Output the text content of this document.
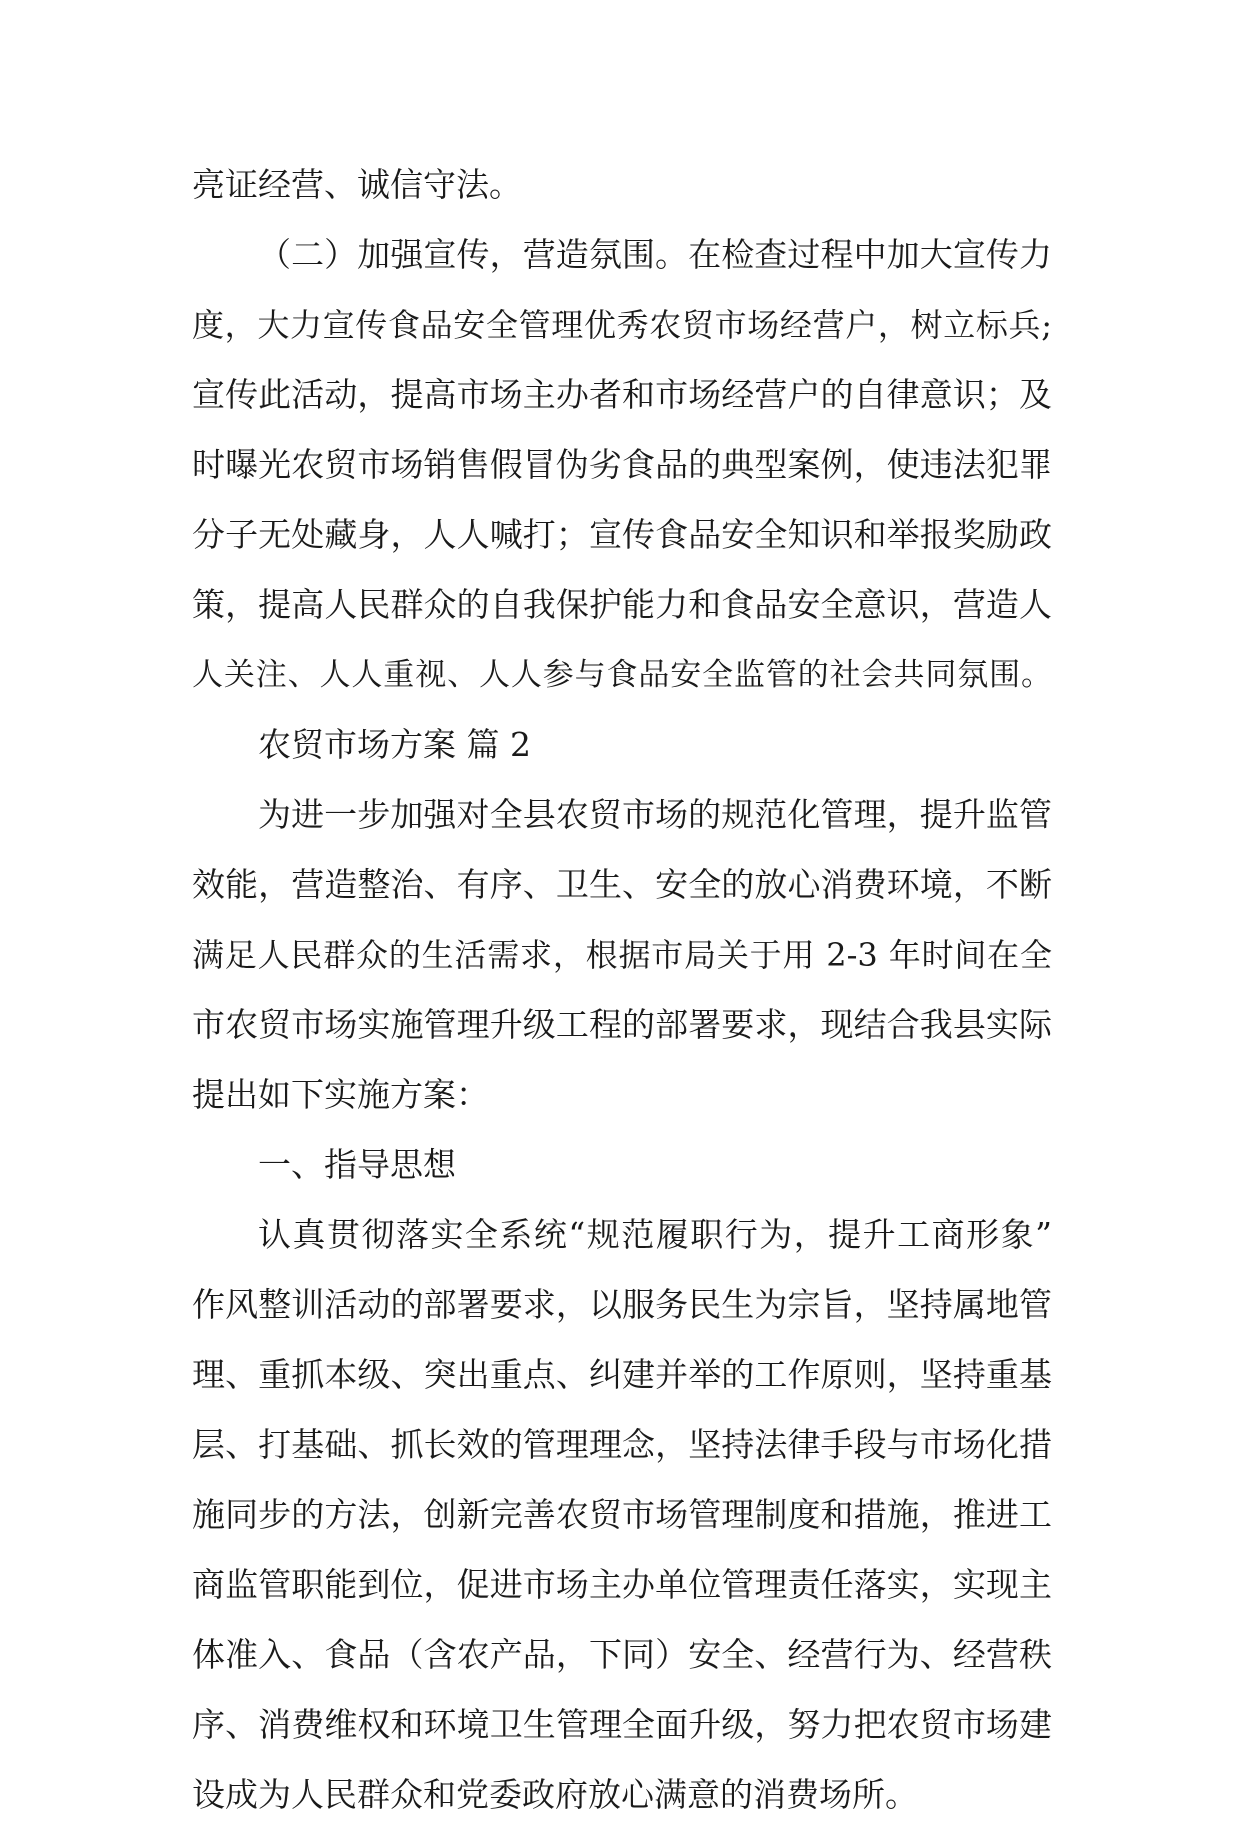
亮证经营、诚信守法。
（二）加强宣传，营造氛围。在检查过程中加大宣传力
度，大力宣传食品安全管理优秀农贸市场经营户，树立标兵;
宣传此活动，提高市场主办者和市场经营户的自律意识；及
时曝光农贸市场销售假冒伪劣食品的典型案例，使违法犯罪
分子无处藏身，人人喊打；宣传食品安全知识和举报奖励政
策，提高人民群众的自我保护能力和食品安全意识，营造人
人关注、人人重视、人人参与食品安全监管的社会共同氛围。
农贸市场方案 篇 2
为进一步加强对全县农贸市场的规范化管理，提升监管
效能，营造整治、有序、卫生、安全的放心消费环境，不断
满足人民群众的生活需求，根据市局关于用 2-3 年时间在全
市农贸市场实施管理升级工程的部署要求，现结合我县实际
提出如下实施方案：
一、指导思想
认真贯彻落实全系统“规范履职行为，提升工商形象”
作风整训活动的部署要求，以服务民生为宗旨，坚持属地管
理、重抓本级、突出重点、纠建并举的工作原则，坚持重基
层、打基础、抓长效的管理理念，坚持法律手段与市场化措
施同步的方法，创新完善农贸市场管理制度和措施，推进工
商监管职能到位，促进市场主办单位管理责任落实，实现主
体准入、食品（含农产品，下同）安全、经营行为、经营秩
序、消费维权和环境卫生管理全面升级，努力把农贸市场建
设成为人民群众和党委政府放心满意的消费场所。
